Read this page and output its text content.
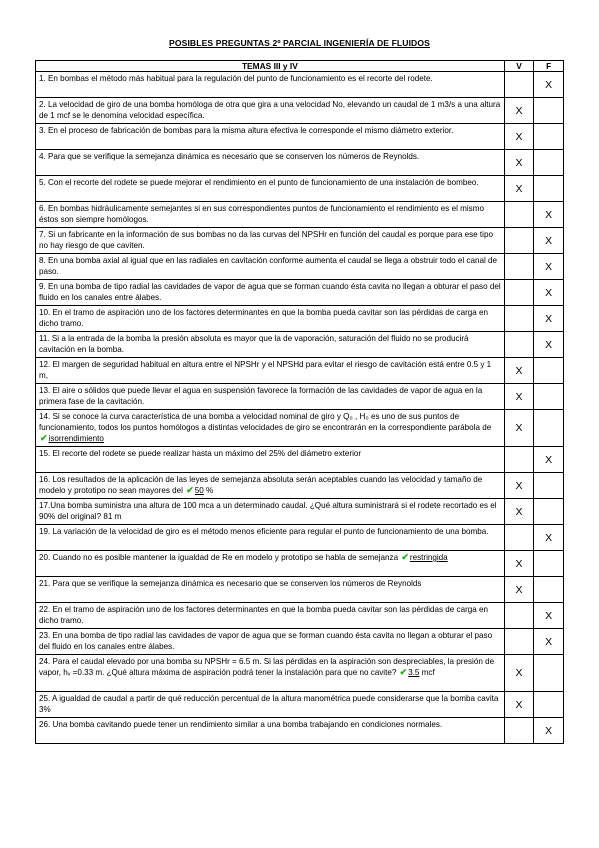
POSIBLES PREGUNTAS 2º PARCIAL INGENIERÍA DE FLUIDOS
TEMAS III y IV	V	F
1. En bombas el método más habitual para la regulación del punto de funcionamiento es el recorte del rodete.		X
2. La velocidad de giro de una bomba homóloga de otra que gira a una velocidad No, elevando un caudal de 1 m3/s a una altura de 1 mcf se le denomina velocidad específica.	X	
3. En el proceso de fabricación de bombas para la misma altura efectiva le corresponde el mismo diámetro exterior.	X	
4. Para que se verifique la semejanza dinámica es necesario que se conserven los números de Reynolds.	X	
5. Con el recorte del rodete se puede mejorar el rendimiento en el punto de funcionamiento de una instalación de bombeo.	X	
6. En bombas hidráulicamente semejantes si en sus correspondientes puntos de funcionamiento el rendimiento es el mismo éstos son siempre homólogos.		X
7. Si un fabricante en la información de sus bombas no da las curvas del NPSHr en función del caudal es porque para ese tipo no hay riesgo de que caviten.		X
8. En una bomba axial al igual que en las radiales en cavitación conforme aumenta el caudal se llega a obstruir todo el canal de paso.		X
9. En una bomba de tipo radial las cavidades de vapor de agua que se forman cuando ésta cavita no llegan a obturar el paso del fluido en los canales entre álabes.		X
10. En el tramo de aspiración uno de los factores determinantes en que la bomba pueda cavitar son las pérdidas de carga en dicho tramo.		X
11. Si a la entrada de la bomba la presión absoluta es mayor que la de vaporación, saturación del fluido no se producirá cavitación en la bomba.		X
12. El margen de seguridad habitual en altura entre el NPSHr y el NPSHd para evitar el riesgo de cavitación está entre 0.5 y 1 m,	X	
13. El aire o sólidos que puede llevar el agua en suspensión favorece la formación de las cavidades de vapor de agua en la primera fase de la cavitación.	X	
14. Si se conoce la curva característica de una bomba a velocidad nominal de giro y Q₀ , H₀ es uno de sus puntos de funcionamiento, todos los puntos homólogos a distintas velocidades de giro se encontrarán en la correspondiente parábola de ✔isorrendimiento	X	
15. El recorte del rodete se puede realizar hasta un máximo del 25% del diámetro exterior		X
16. Los resultados de la aplicación de las leyes de semejanza absoluta serán aceptables cuando las velocidad y tamaño de modelo y prototipo no sean mayores del ✔50 %	X	
17.Una bomba suministra una altura de 100 mca a un determinado caudal. ¿Qué altura suministrará si el rodete recortado es el 90% del original? 81 m	X	
19. La variación de la velocidad de giro es el método menos eficiente para regular el punto de funcionamiento de una bomba.		X
20. Cuando no es posible mantener la igualdad de Re en modelo y prototipo se habla de semejanza ✔restringida	X	
21. Para que se verifique la semejanza dinámica es necesario que se conserven los números de Reynolds	X	
22. En el tramo de aspiración uno de los factores determinantes en que la bomba pueda cavitar son las pérdidas de carga en dicho tramo.		X
23. En una bomba de tipo radial las cavidades de vapor de agua que se forman cuando ésta cavita no llegan a obturar el paso del fluido en los canales entre álabes.		X
24. Para el caudal elevado por una bomba su NPSHr = 6.5 m. Si las pérdidas en la aspiración son despreciables, la presión de vapor, hᵥ =0.33 m. ¿Qué altura máxima de aspiración podrá tener la instalación para que no cavite? ✔3.5 mcf	X	
25. A igualdad de caudal a partir de qué reducción percentual de la altura manométrica puede considerarse que la bomba cavita 3%	X	
26. Una bomba cavitando puede tener un rendimiento similar a una bomba trabajando en condiciones normales.		X
